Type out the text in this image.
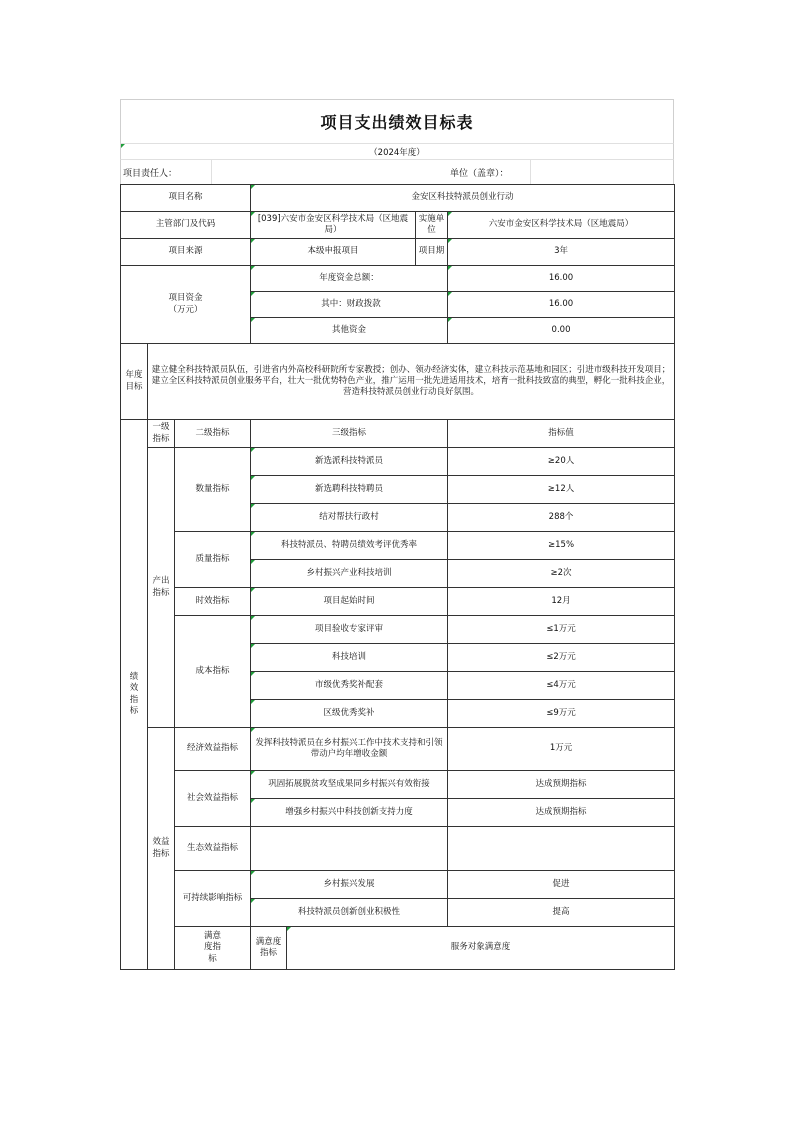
项目支出绩效目标表
（2024年度）
项目责任人：	单位（盖章）：
项目名称			金安区科技特派员创业行动				
主管部门及代码			[039]六安市金安区科学技术局（区地震局）		实施单位	六安市金安区科学技术局（区地震局）	
项目来源			本级申报项目		项目期	3年	
项目资金（万元）			年度资金总额：			16.00	
			其中：财政拨款			16.00	
			其他资金			0.00	
年度目标	建立健全科技特派员队伍，引进省内外高校科研院所专家教授；创办、领办经济实体，建立科技示范基地和园区；引进市级科技开发项目；建立全区科技特派员创业服务平台，壮大一批优势特色产业，推广运用一批先进适用技术，培育一批科技致富的典型，孵化一批科技企业，营造科技特派员创业行动良好氛围。						
绩效指标	一级指标	二级指标	三级指标			指标值	
	产出指标	数量指标	新选派科技特派员			≥20人	
			新选聘科技特聘员			≥12人	
			结对帮扶行政村			288个	
		质量指标	科技特派员、特聘员绩效考评优秀率			≥15%	
			乡村振兴产业科技培训			≥2次	
		时效指标	项目起始时间			12月	
		成本指标	项目验收专家评审			≤1万元	
			科技培训			≤2万元	
			市级优秀奖补配套			≤4万元	
			区级优秀奖补			≤9万元	
	效益指标	经济效益指标	发挥科技特派员在乡村振兴工作中技术支持和引领带动户均年增收金额			1万元	
		社会效益指标	巩固拓展脱贫攻坚成果同乡村振兴有效衔接			达成预期指标	
			增强乡村振兴中科技创新支持力度			达成预期指标	
		生态效益指标					
		可持续影响指标	乡村振兴发展			促进	
			科技特派员创新创业积极性			提高	
		满意度指标	满意度指标	服务对象满意度	
